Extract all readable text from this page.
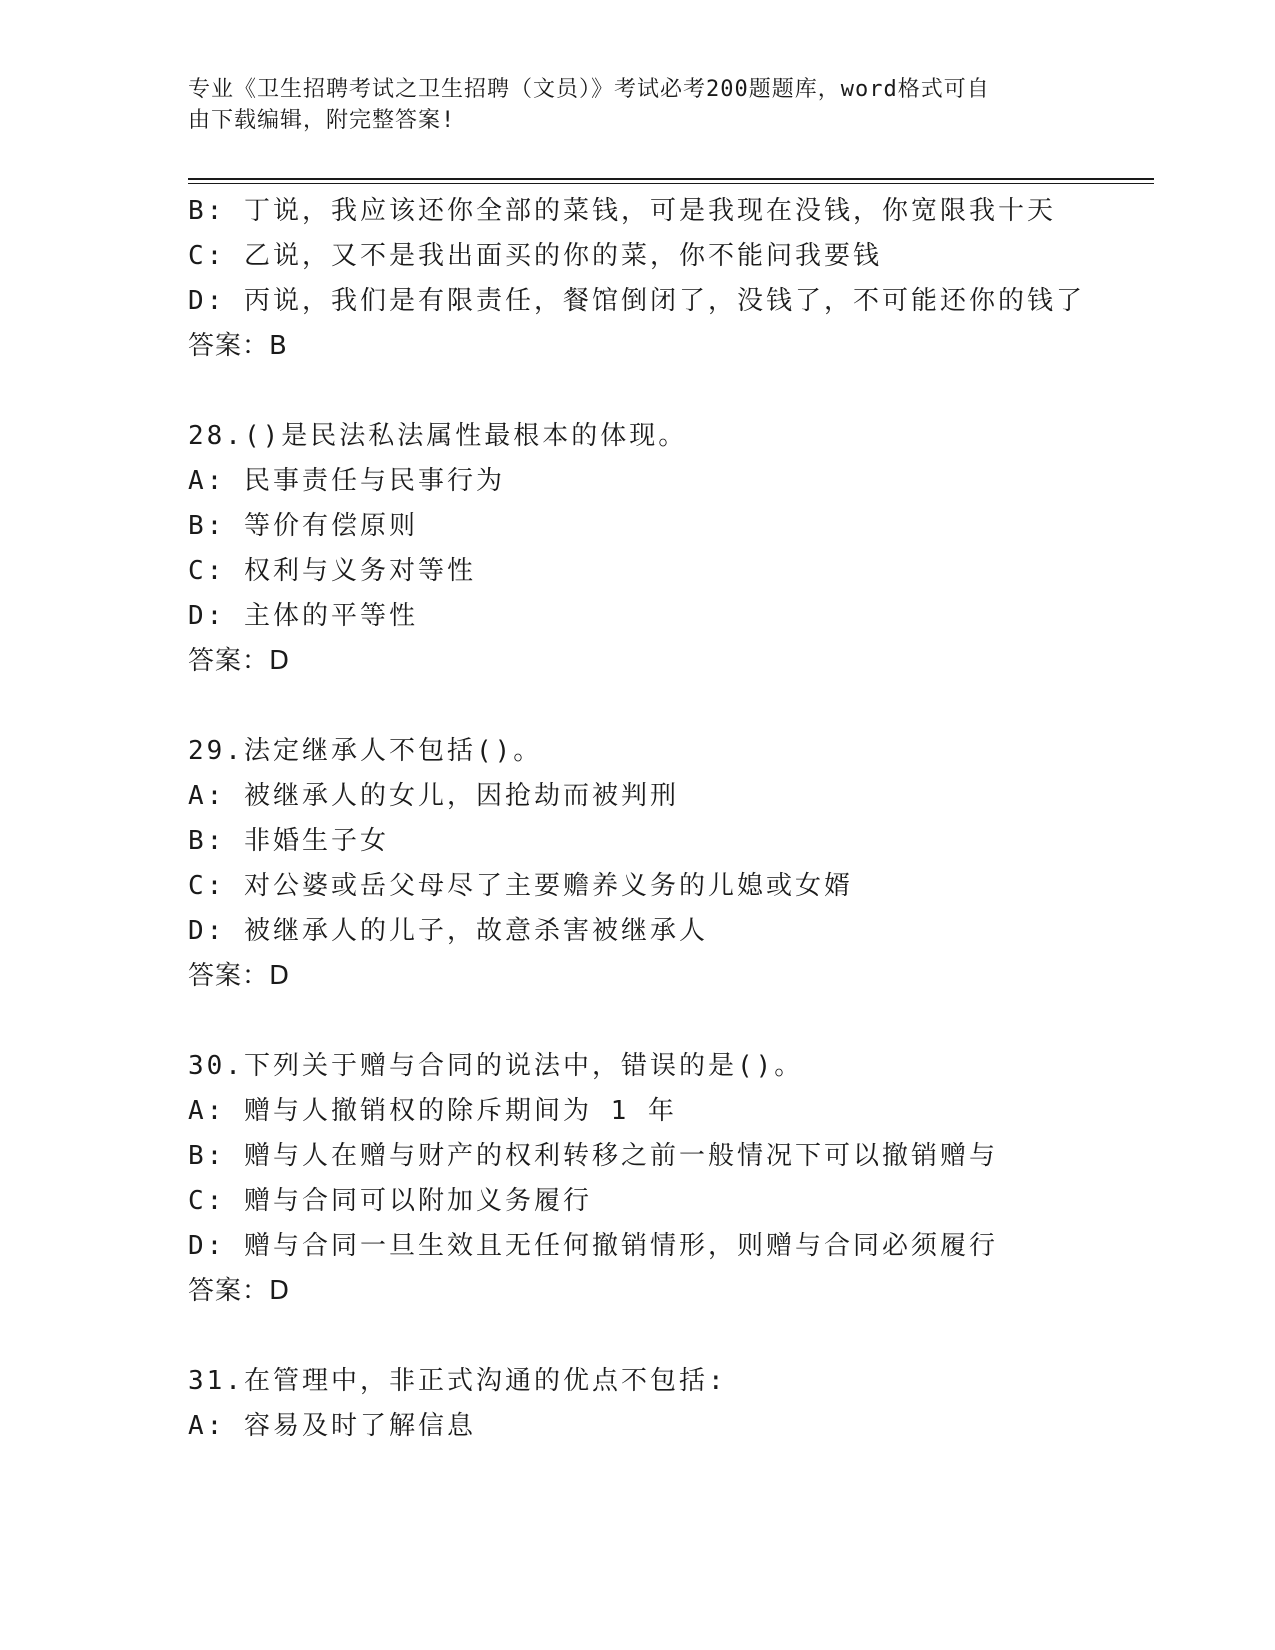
专业《卫生招聘考试之卫生招聘（文员）》考试必考200题题库，word格式可自
由下载编辑，附完整答案!
B: 丁说，我应该还你全部的菜钱，可是我现在没钱，你宽限我十天
C: 乙说，又不是我出面买的你的菜，你不能问我要钱
D: 丙说，我们是有限责任，餐馆倒闭了，没钱了，不可能还你的钱了
答案：B
28.()是民法私法属性最根本的体现。
A: 民事责任与民事行为
B: 等价有偿原则
C: 权利与义务对等性
D: 主体的平等性
答案：D
29.法定继承人不包括()。
A: 被继承人的女儿，因抢劫而被判刑
B: 非婚生子女
C: 对公婆或岳父母尽了主要赡养义务的儿媳或女婿
D: 被继承人的儿子，故意杀害被继承人
答案：D
30.下列关于赠与合同的说法中，错误的是()。
A: 赠与人撤销权的除斥期间为 1 年
B: 赠与人在赠与财产的权利转移之前一般情况下可以撤销赠与
C: 赠与合同可以附加义务履行
D: 赠与合同一旦生效且无任何撤销情形，则赠与合同必须履行
答案：D
31.在管理中，非正式沟通的优点不包括:
A: 容易及时了解信息
